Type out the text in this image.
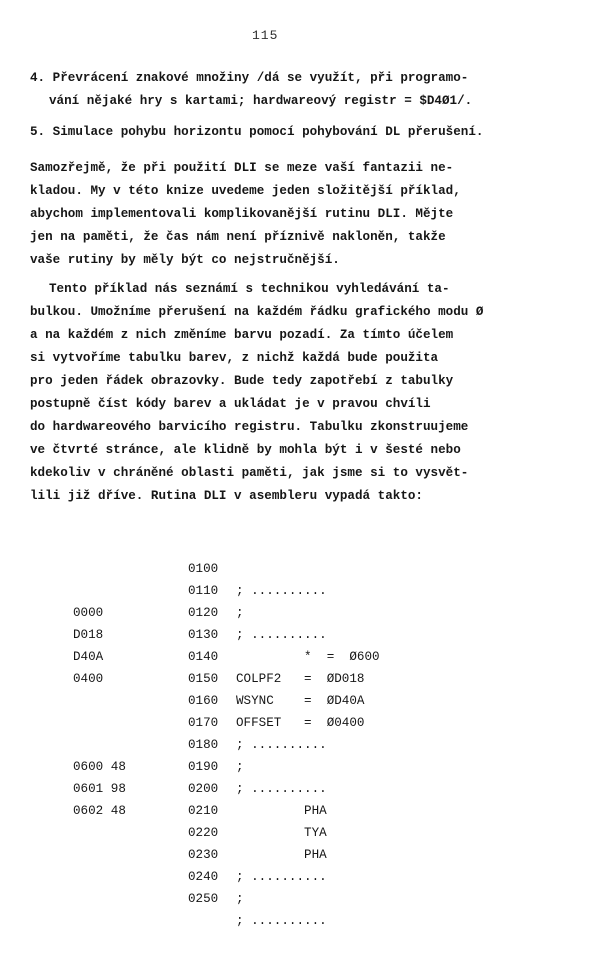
115
4. Převrácení znakové množiny /dá se využít, při programo-
vání nějaké hry s kartami; hardwareový registr = $D4Ø1/.
5. Simulace pohybu horizontu pomocí pohybování DL přerušení.
Samozřejmě, že při použití DLI se meze vaší fantazii ne-
kladou. My v této knize uvedeme jeden složitější příklad,
abychom implementovali komplikovanější rutinu DLI. Mějte
jen na paměti, že čas nám není příznivě nakloněn, takže
vaše rutiny by měly být co nejstručnější.
Tento příklad nás seznámí s technikou vyhledávání ta-
bulkou. Umožníme přerušení na každém řádku grafického modu Ø
a na každém z nich změníme barvu pozadí. Za tímto účelem
si vytvoříme tabulku barev, z nichž každá bude použita
pro jeden řádek obrazovky. Bude tedy zapotřebí z tabulky
postupně číst kódy barev a ukládat je v pravou chvíli
do hardwareového barvicího registru. Tabulku zkonstruujeme
ve čtvrté stránce, ale klidně by mohla být i v šesté nebo
kdekoliv v chráněné oblasti paměti, jak jsme si to vysvět-
lili již dříve. Rutina DLI v asembleru vypadá takto:

0100

; ..........

0110

;

0120

; ..........

0000

0130

*  =  Ø600

D018

0140

COLPF2   =  ØD018

D40A

0150

WSYNC    =  ØD40A

0400

0160

OFFSET   =  Ø0400

0170

; ..........

0180

;

0190

; ..........

0600 48

0200

PHA

0601 98

0210

TYA

0602 48

0220

PHA

0230

; ..........

0240

;

0250

; ..........
